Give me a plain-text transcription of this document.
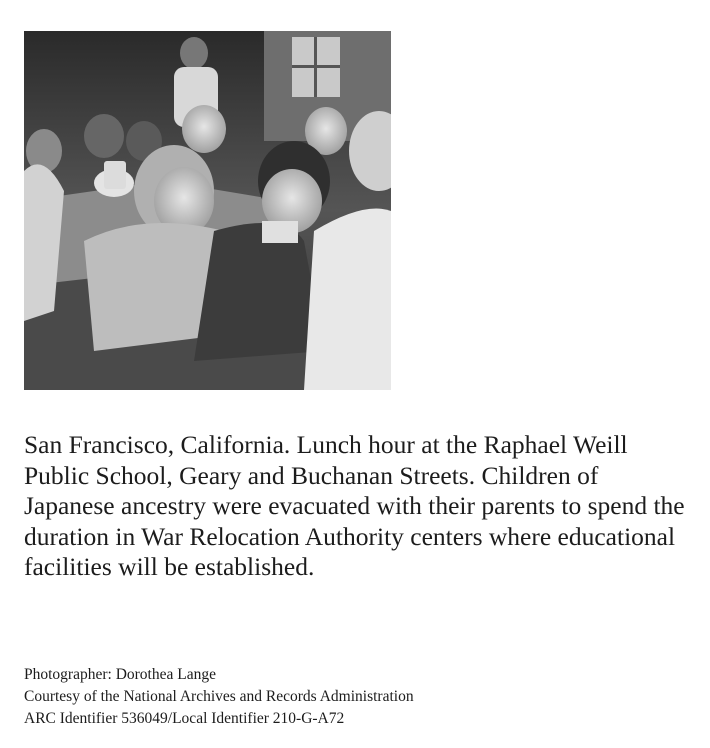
San Francisco, California. Lunch hour at the Raphael Weill Public School, Geary and Buchanan Streets. Children of Japanese ancestry were evacuated with their parents to spend the duration in War Relocation Authority centers where educational facilities will be established.

Photographer: Dorothea Lange
Courtesy of the National Archives and Records Administration
ARC Identifier 536049/Local Identifier 210-G-A72
